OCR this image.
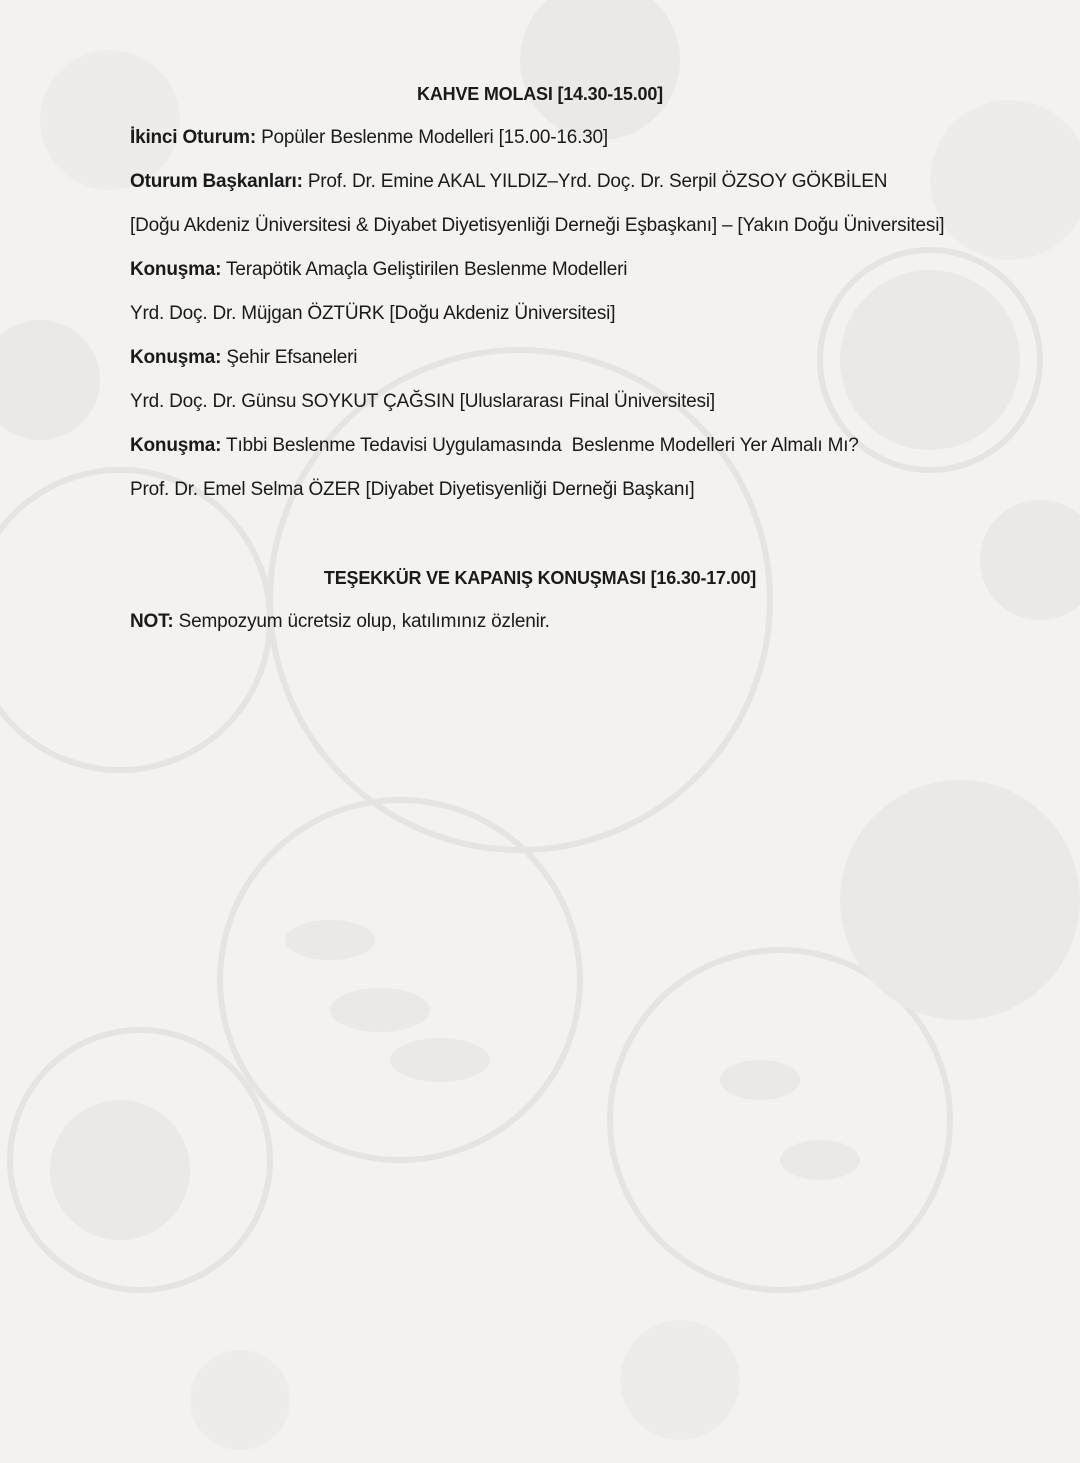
KAHVE MOLASI [14.30-15.00]
İkinci Oturum: Popüler Beslenme Modelleri [15.00-16.30]
Oturum Başkanları: Prof. Dr. Emine AKAL YILDIZ–Yrd. Doç. Dr. Serpil ÖZSOY GÖKBİLEN
[Doğu Akdeniz Üniversitesi & Diyabet Diyetisyenliği Derneği Eşbaşkanı] – [Yakın Doğu Üniversitesi]
Konuşma: Terapötik Amaçla Geliştirilen Beslenme Modelleri
Yrd. Doç. Dr. Müjgan ÖZTÜRK [Doğu Akdeniz Üniversitesi]
Konuşma: Şehir Efsaneleri
Yrd. Doç. Dr. Günsu SOYKUT ÇAĞSIN [Uluslararası Final Üniversitesi]
Konuşma: Tıbbi Beslenme Tedavisi Uygulamasında  Beslenme Modelleri Yer Almalı Mı?
Prof. Dr. Emel Selma ÖZER [Diyabet Diyetisyenliği Derneği Başkanı]
TEŞEKKÜR VE KAPANIŞ KONUŞMASI [16.30-17.00]
NOT: Sempozyum ücretsiz olup, katılımınız özlenir.
